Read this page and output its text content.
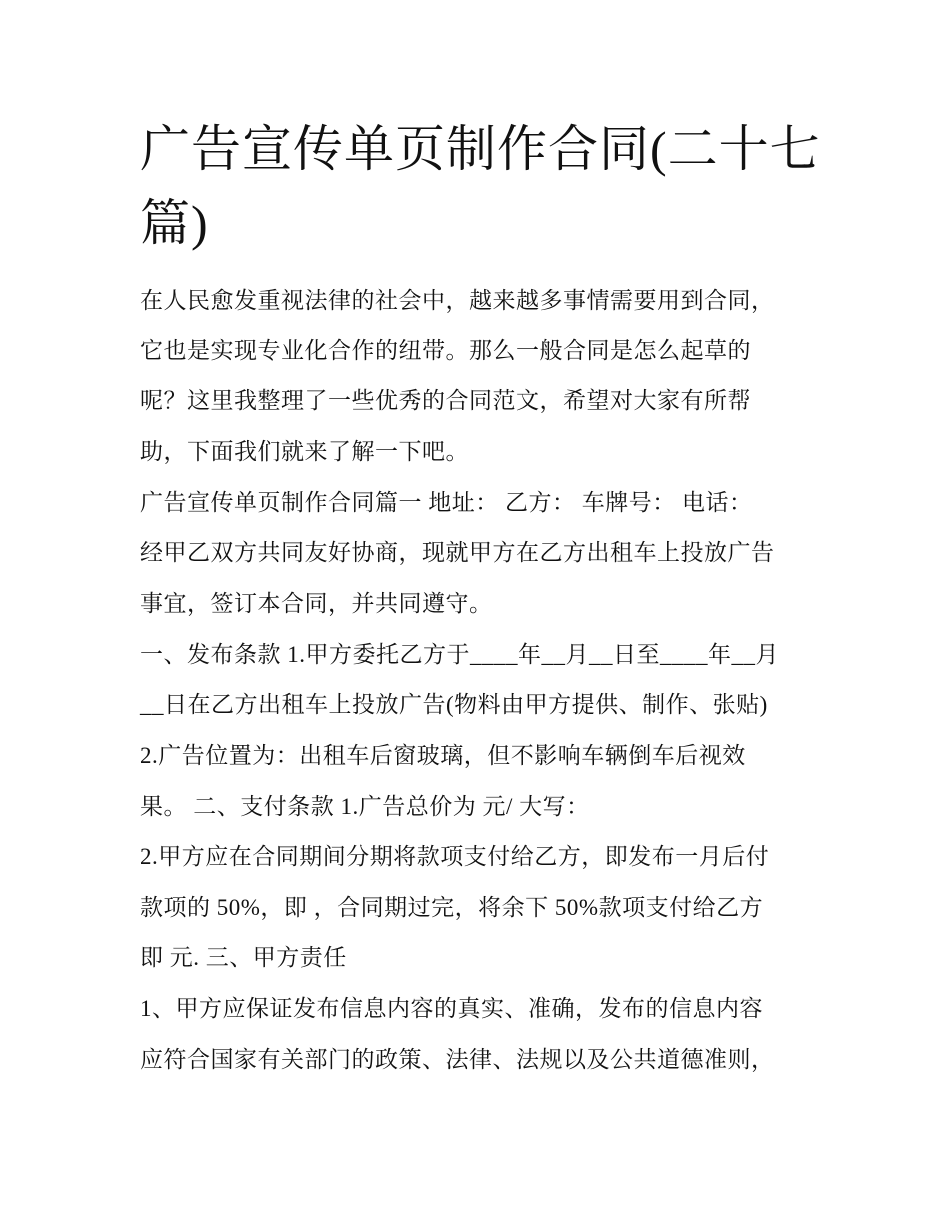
广告宣传单页制作合同(二十七
篇)
在人民愈发重视法律的社会中，越来越多事情需要用到合同，
它也是实现专业化合作的纽带。那么一般合同是怎么起草的
呢？这里我整理了一些优秀的合同范文，希望对大家有所帮
助，下面我们就来了解一下吧。
广告宣传单页制作合同篇一 地址： 乙方： 车牌号： 电话：
经甲乙双方共同友好协商，现就甲方在乙方出租车上投放广告
事宜，签订本合同，并共同遵守。
一、发布条款 1.甲方委托乙方于____年__月__日至____年__月
__日在乙方出租车上投放广告(物料由甲方提供、制作、张贴)
2.广告位置为：出租车后窗玻璃，但不影响车辆倒车后视效
果。 二、支付条款 1.广告总价为 元/ 大写：
2.甲方应在合同期间分期将款项支付给乙方，即发布一月后付
款项的 50%，即 ，合同期过完，将余下 50%款项支付给乙方
即 元. 三、甲方责任
1、甲方应保证发布信息内容的真实、准确，发布的信息内容
应符合国家有关部门的政策、法律、法规以及公共道德准则，
